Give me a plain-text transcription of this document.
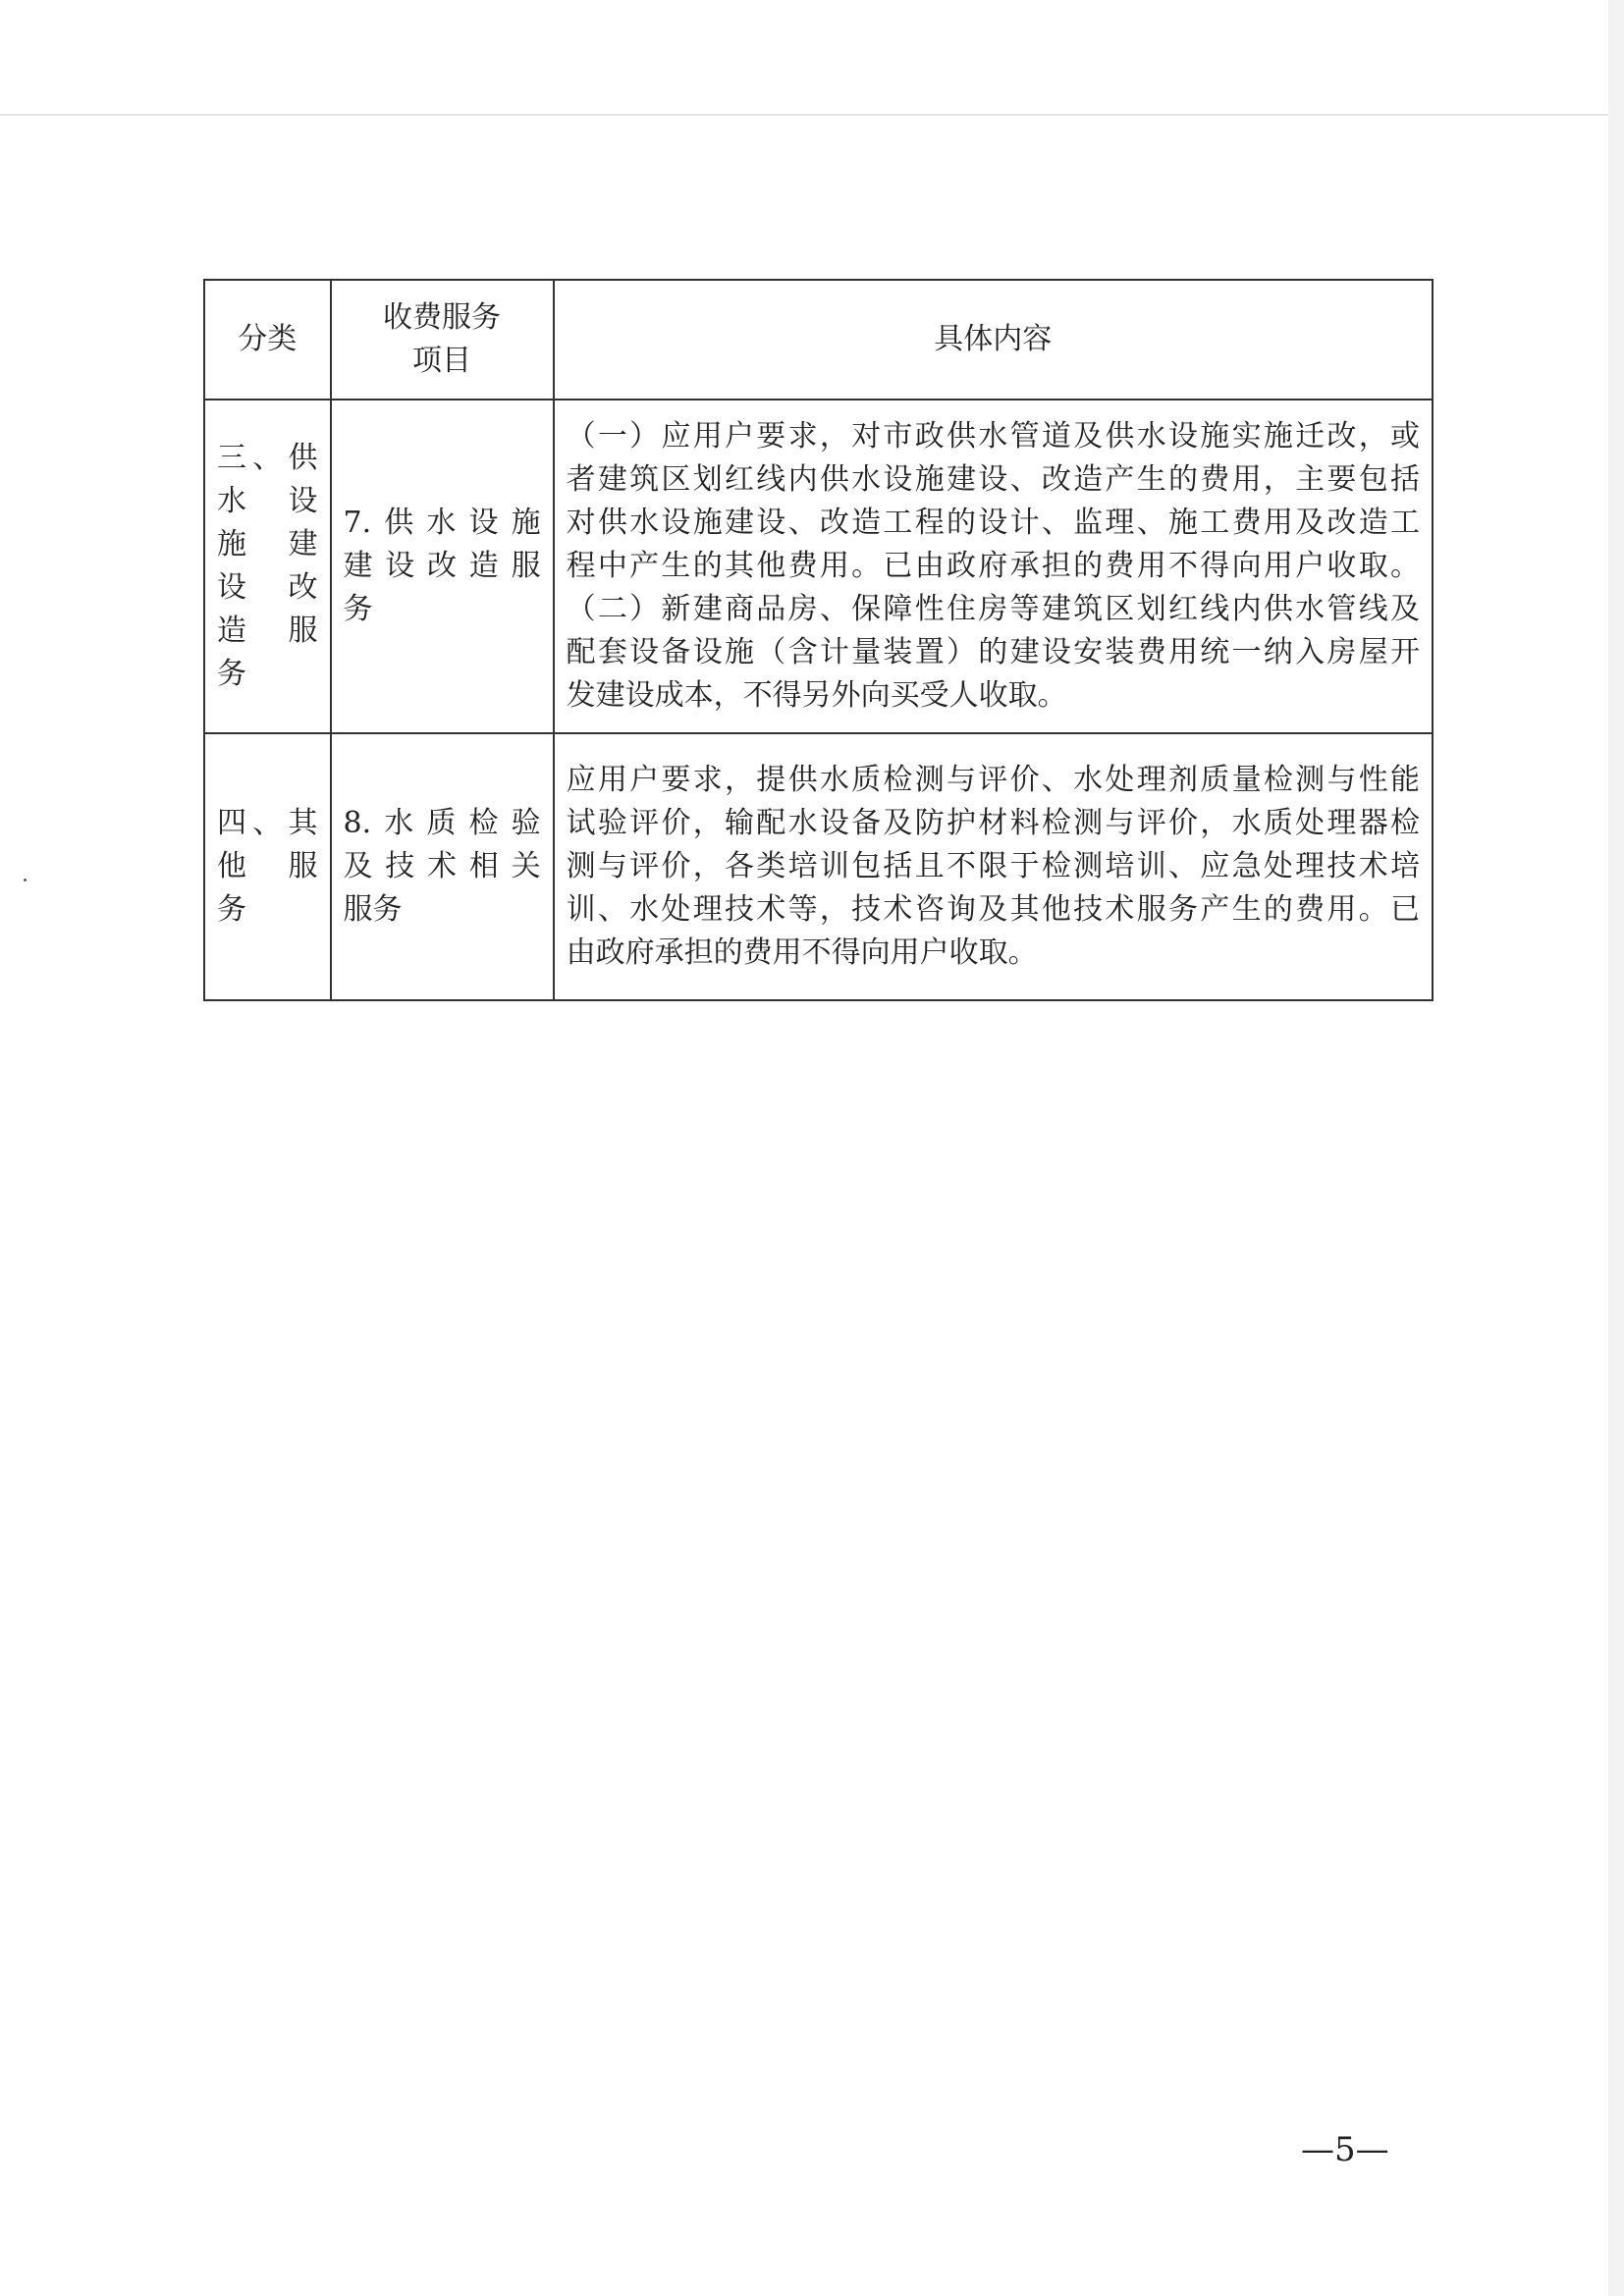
分类	
收费服务
项目
	具体内容

三、供
水　设
施　建
设　改
造　服
务

7.供水设施
建设改造服
务

（一）应用户要求，对市政供水管道及供水设施实施迁改，或
者建筑区划红线内供水设施建设、改造产生的费用，主要包括
对供水设施建设、改造工程的设计、监理、施工费用及改造工
程中产生的其他费用。已由政府承担的费用不得向用户收取。
（二）新建商品房、保障性住房等建筑区划红线内供水管线及
配套设备设施（含计量装置）的建设安装费用统一纳入房屋开
发建设成本，不得另外向买受人收取。

四、其
他服
务

8.水质检验
及技术相关
服务

应用户要求，提供水质检测与评价、水处理剂质量检测与性能
试验评价，输配水设备及防护材料检测与评价，水质处理器检
测与评价，各类培训包括且不限于检测培训、应急处理技术培
训、水处理技术等，技术咨询及其他技术服务产生的费用。已
由政府承担的费用不得向用户收取。
—5—
